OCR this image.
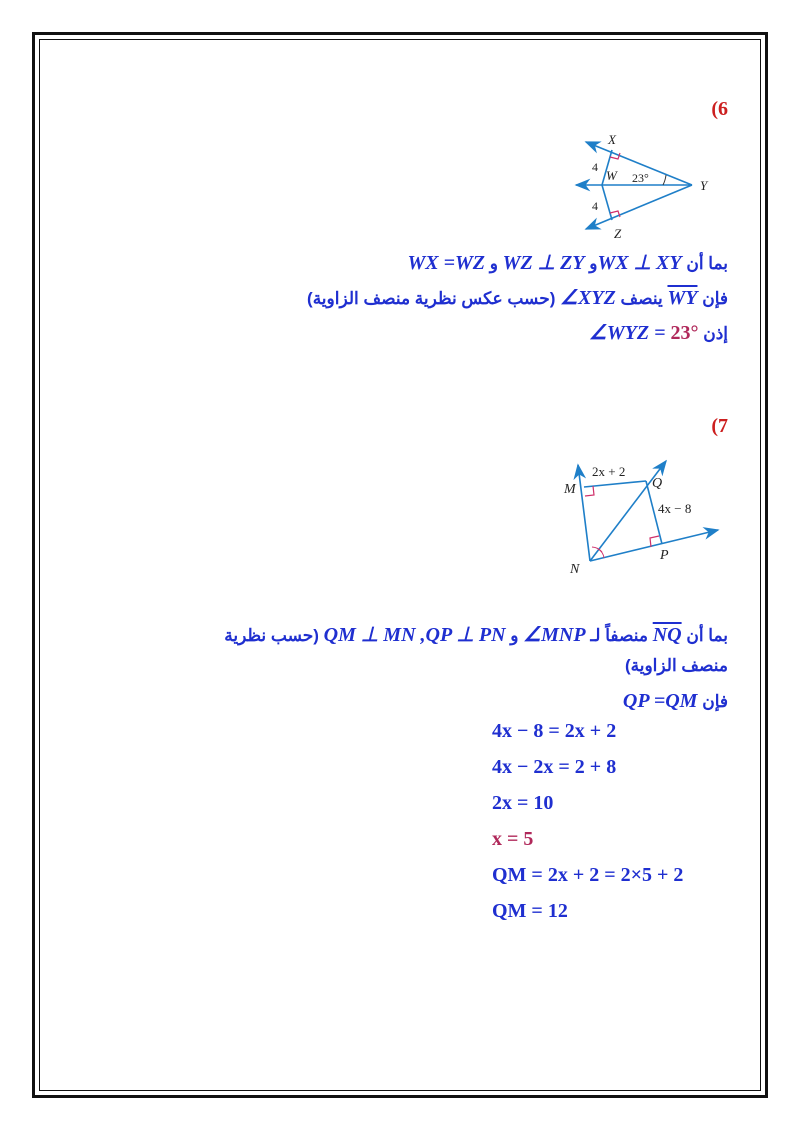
(6
X
W
Y
Z
4
4
23°
بما أن WX ⊥ XYو WZ ⊥ ZY و WX =WZ
فإن $\overline{WY}$ ينصف ∠XYZ (حسب عكس نظرية منصف الزاوية)
إذن ∠WYZ = 23°
(7
M	Q
N
P
2x + 2
4x − 8
بما أن $\overline{NQ}$ منصفاً لـ ∠MNP و QM ⊥ MN ,QP ⊥ PN (حسب نظرية
منصف الزاوية)
فإن QP =QM
4x − 8 = 2x + 2
4x − 2x = 2 + 8
2x = 10
x = 5
QM = 2x + 2 = 2×5 + 2
QM = 12
